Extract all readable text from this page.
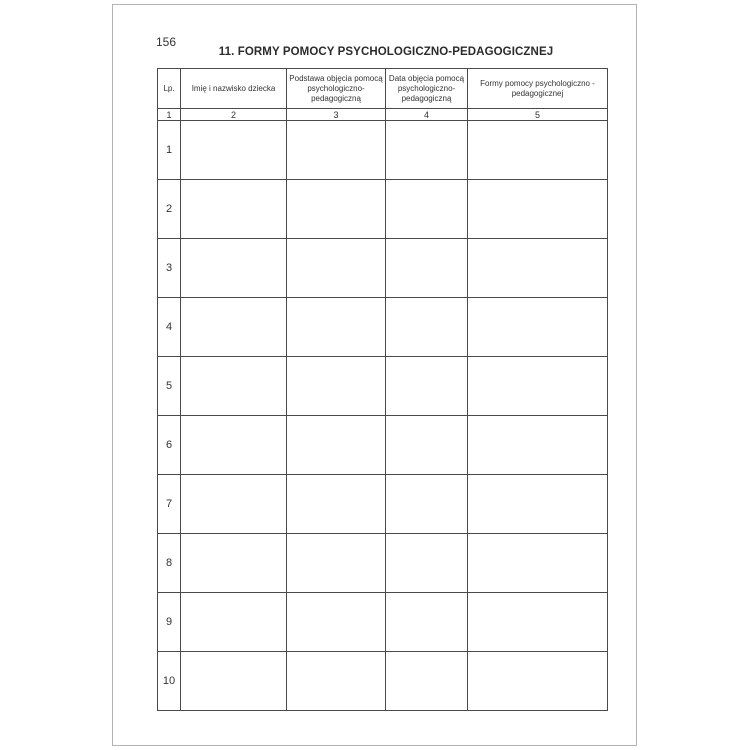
156
11. FORMY POMOCY PSYCHOLOGICZNO-PEDAGOGICZNEJ
Lp.	Imię i nazwisko dziecka	Podstawa objęcia pomocą psychologiczno-pedagogiczną	Data objęcia pomocą psychologiczno-pedagogiczną	Formy pomocy psychologiczno - pedagogicznej
1	2	3	4	5
1				
2				
3				
4				
5				
6				
7				
8				
9				
10				
